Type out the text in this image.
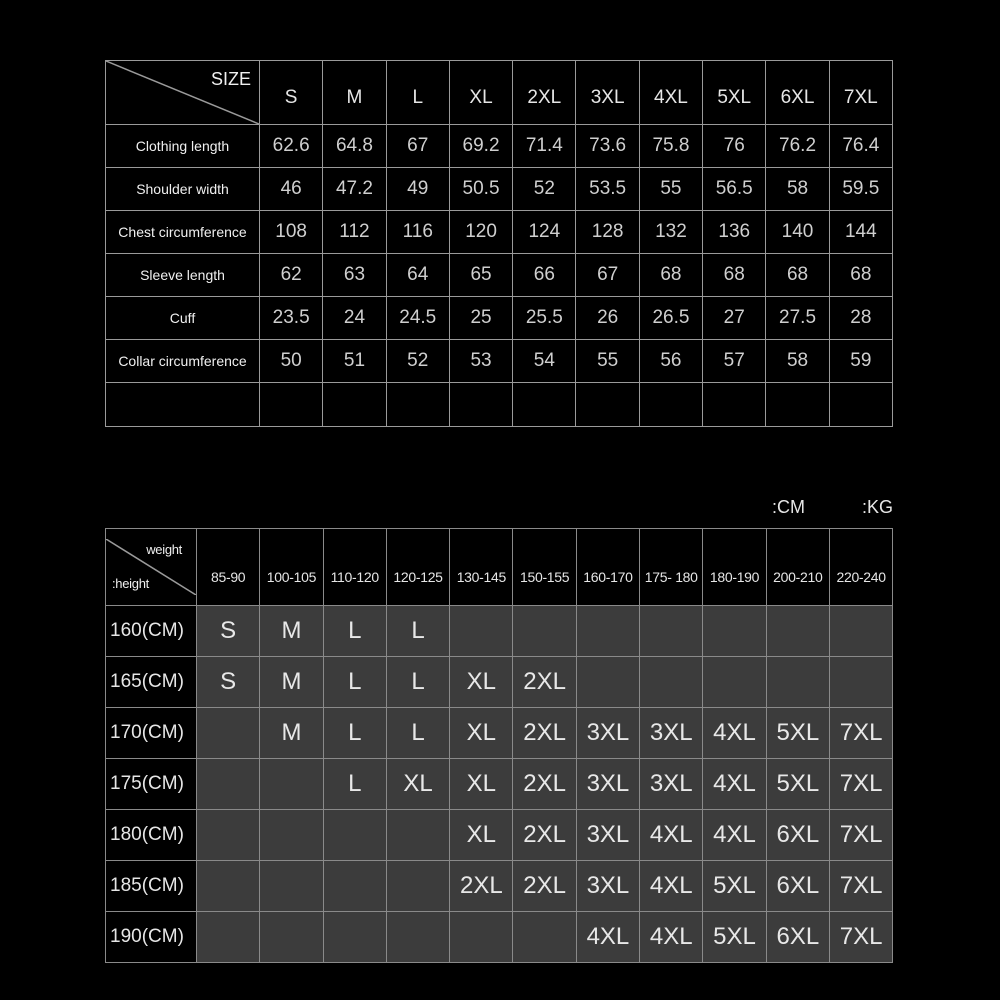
SIZE	S	M	L	XL	2XL	3XL	4XL	5XL	6XL	7XL
Clothing length	62.6	64.8	67	69.2	71.4	73.6	75.8	76	76.2	76.4
Shoulder width	46	47.2	49	50.5	52	53.5	55	56.5	58	59.5
Chest circumference	108	112	116	120	124	128	132	136	140	144
Sleeve length	62	63	64	65	66	67	68	68	68	68
Cuff	23.5	24	24.5	25	25.5	26	26.5	27	27.5	28
Collar circumference	50	51	52	53	54	55	56	57	58	59

:CM	:KG
weight
:height	85-90	100-105	110-120	120-125	130-145	150-155	160-170	175- 180	180-190	200-210	220-240
160(CM)	S	M	L	L							
165(CM)	S	M	L	L	XL	2XL					
170(CM)		M	L	L	XL	2XL	3XL	3XL	4XL	5XL	7XL
175(CM)			L	XL	XL	2XL	3XL	3XL	4XL	5XL	7XL
180(CM)					XL	2XL	3XL	4XL	4XL	6XL	7XL
185(CM)					2XL	2XL	3XL	4XL	5XL	6XL	7XL
190(CM)							4XL	4XL	5XL	6XL	7XL
